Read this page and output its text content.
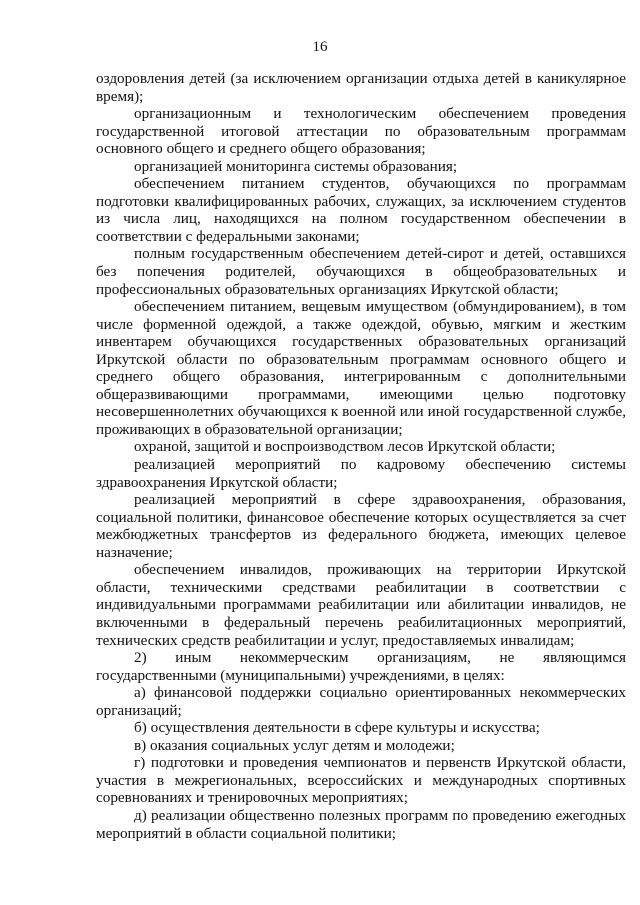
16

оздоровления детей (за исключением организации отдыха детей в каникулярное время);

организационным и технологическим обеспечением проведения государственной итоговой аттестации по образовательным программам основного общего и среднего общего образования;

организацией мониторинга системы образования;

обеспечением питанием студентов, обучающихся по программам подготовки квалифицированных рабочих, служащих, за исключением студентов из числа лиц, находящихся на полном государственном обеспечении в соответствии с федеральными законами;

полным государственным обеспечением детей-сирот и детей, оставшихся без попечения родителей, обучающихся в общеобразовательных и профессиональных образовательных организациях Иркутской области;

обеспечением питанием, вещевым имуществом (обмундированием), в том числе форменной одеждой, а также одеждой, обувью, мягким и жестким инвентарем обучающихся государственных образовательных организаций Иркутской области по образовательным программам основного общего и среднего общего образования, интегрированным с дополнительными общеразвивающими программами, имеющими целью подготовку несовершеннолетних обучающихся к военной или иной государственной службе, проживающих в образовательной организации;

охраной, защитой и воспроизводством лесов Иркутской области;

реализацией мероприятий по кадровому обеспечению системы здравоохранения Иркутской области;

реализацией мероприятий в сфере здравоохранения, образования, социальной политики, финансовое обеспечение которых осуществляется за счет межбюджетных трансфертов из федерального бюджета, имеющих целевое назначение;

обеспечением инвалидов, проживающих на территории Иркутской области, техническими средствами реабилитации в соответствии с индивидуальными программами реабилитации или абилитации инвалидов, не включенными в федеральный перечень реабилитационных мероприятий, технических средств реабилитации и услуг, предоставляемых инвалидам;

2) иным некоммерческим организациям, не являющимся государственными (муниципальными) учреждениями, в целях:

а) финансовой поддержки социально ориентированных некоммерческих организаций;

б) осуществления деятельности в сфере культуры и искусства;

в) оказания социальных услуг детям и молодежи;

г) подготовки и проведения чемпионатов и первенств Иркутской области, участия в межрегиональных, всероссийских и международных спортивных соревнованиях и тренировочных мероприятиях;

д) реализации общественно полезных программ по проведению ежегодных мероприятий в области социальной политики;
